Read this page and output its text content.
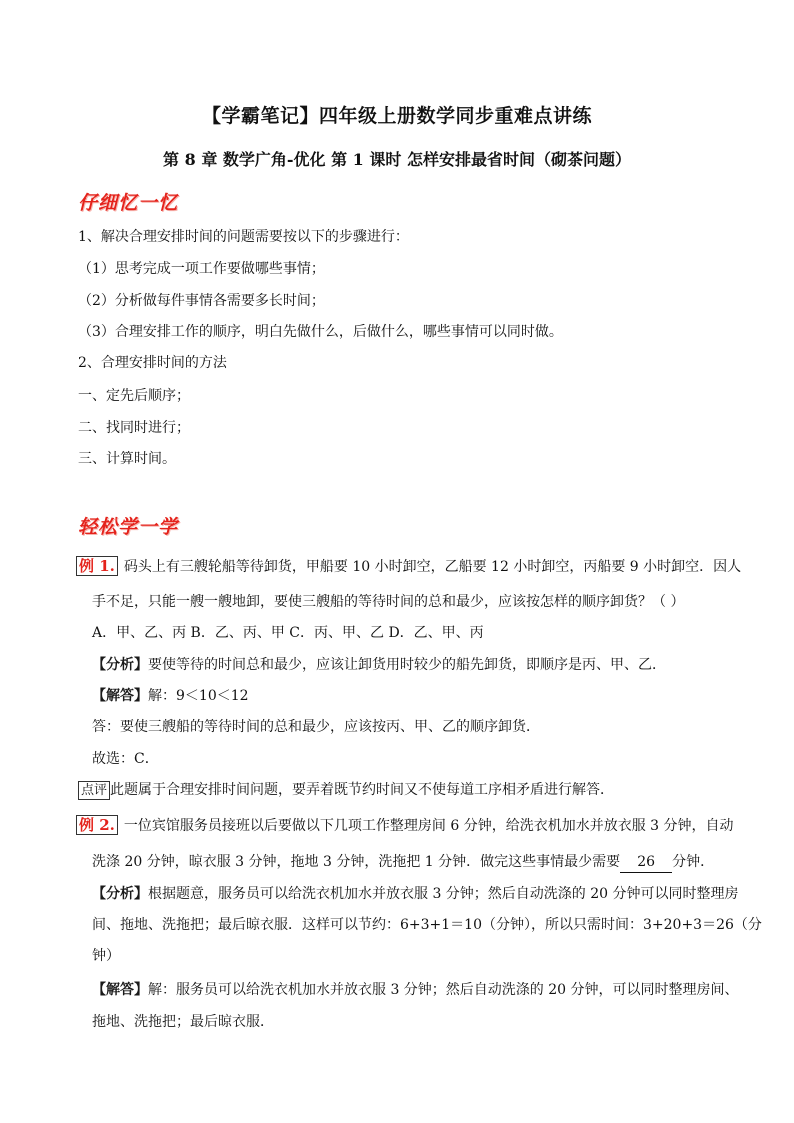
【学霸笔记】四年级上册数学同步重难点讲练
第 8 章 数学广角-优化 第 1 课时 怎样安排最省时间（砌茶问题）
仔细忆一忆
1、解决合理安排时间的问题需要按以下的步骤进行：
（1）思考完成一项工作要做哪些事情；
（2）分析做每件事情各需要多长时间；
（3）合理安排工作的顺序，明白先做什么，后做什么，哪些事情可以同时做。
2、合理安排时间的方法
一、定先后顺序；
二、找同时进行；
三、计算时间。
轻松学一学
例 1. 码头上有三艘轮船等待卸货，甲船要 10 小时卸空，乙船要 12 小时卸空，丙船要 9 小时卸空．因人
手不足，只能一艘一艘地卸，要使三艘船的等待时间的总和最少，应该按怎样的顺序卸货？（ ）
A．甲、乙、丙 B．乙、丙、甲 C．丙、甲、乙 D．乙、甲、丙
【分析】要使等待的时间总和最少，应该让卸货用时较少的船先卸货，即顺序是丙、甲、乙．
【解答】解：9＜10＜12
答：要使三艘船的等待时间的总和最少，应该按丙、甲、乙的顺序卸货．
故选：C．
点评 此题属于合理安排时间问题，要弄着既节约时间又不使每道工序相矛盾进行解答．
例 2. 一位宾馆服务员接班以后要做以下几项工作整理房间 6 分钟，给洗衣机加水并放衣服 3 分钟，自动
洗涤 20 分钟，晾衣服 3 分钟，拖地 3 分钟，洗拖把 1 分钟．做完这些事情最少需要 26 分钟．
【分析】根据题意，服务员可以给洗衣机加水并放衣服 3 分钟；然后自动洗涤的 20 分钟可以同时整理房
间、拖地、洗拖把；最后晾衣服．这样可以节约：6+3+1＝10（分钟），所以只需时间：3+20+3＝26（分
钟）
【解答】解：服务员可以给洗衣机加水并放衣服 3 分钟；然后自动洗涤的 20 分钟，可以同时整理房间、
拖地、洗拖把；最后晾衣服．
